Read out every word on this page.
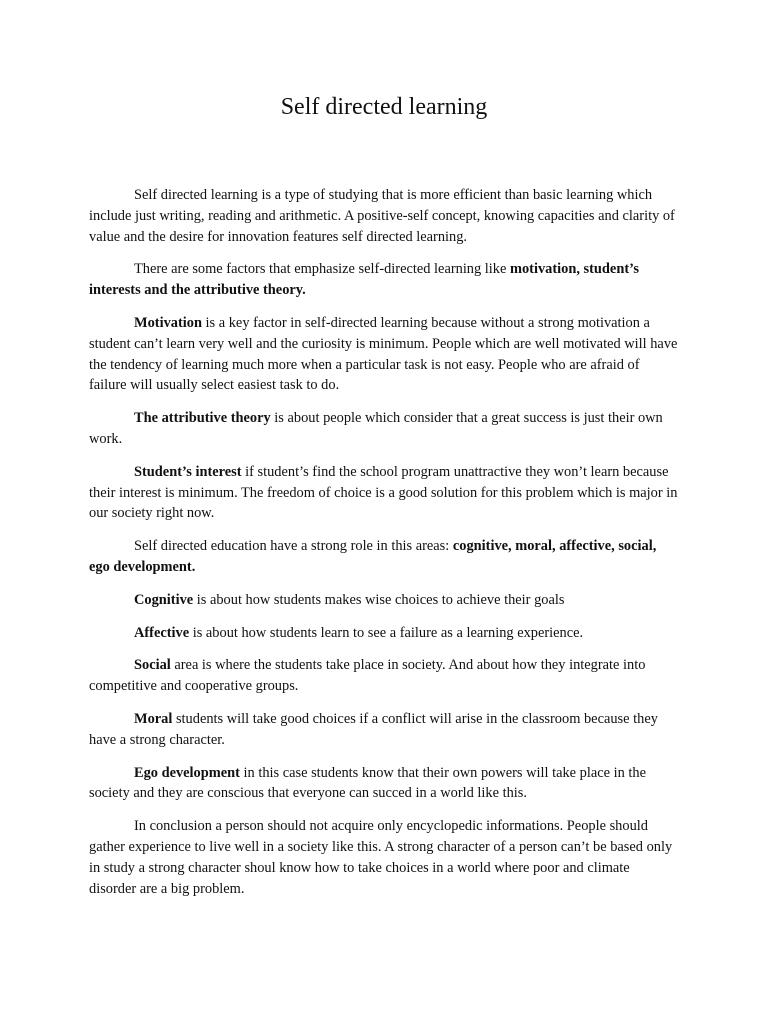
Self directed learning

Self directed learning is a type of studying that is more efficient than basic learning which include just writing, reading and arithmetic. A positive-self concept, knowing capacities and clarity of value and the desire for innovation features self directed learning.

There are some factors that emphasize self-directed learning like motivation, student’s interests and the attributive theory.

Motivation is a key factor in self-directed learning because without a strong motivation a student can’t learn very well and the curiosity is minimum. People which are well motivated will have the tendency of learning much more when a particular task is not easy. People who are afraid of failure will usually select easiest task to do.

The attributive theory is about people which consider that a great success is just their own work.

Student’s interest if student’s find the school program unattractive they won’t learn because their interest is minimum. The freedom of choice is a good solution for this problem which is major in our society right now.

Self directed education have a strong role in this areas: cognitive, moral, affective, social, ego development.

Cognitive is about how students makes wise choices to achieve their goals

Affective is about how students learn to see a failure as a learning experience.

Social area is where the students take place in society. And about how they integrate into competitive and cooperative groups.

Moral students will take good choices if a conflict will arise in the classroom because they have a strong character.

Ego development in this case students know that their own powers will take place in the society and they are conscious that everyone can succed in a world like this.

In conclusion a person should not acquire only encyclopedic informations. People should gather experience to live well in a society like this. A strong character of a person can’t be based only in study a strong character shoul know how to take choices in a world where poor and climate disorder are a big problem.
